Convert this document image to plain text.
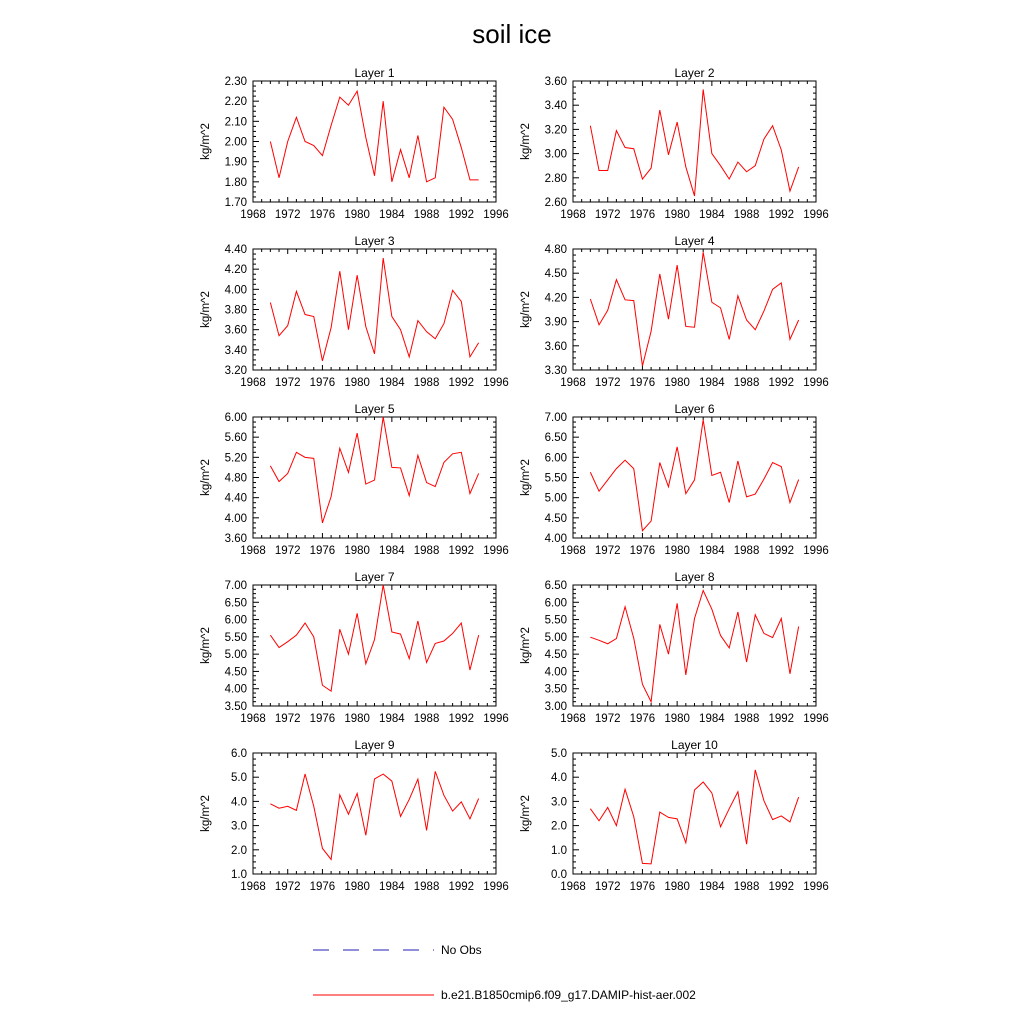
soil ice
Layer 1
1968 1972 1976 1980 1984 1988 1992 1996
1.70
1.80
1.90
2.00
2.10
2.20
2.30
kg/m^2
Layer 2
1968 1972 1976 1980 1984 1988 1992 1996
2.60
2.80
3.00
3.20
3.40
3.60
kg/m^2
Layer 3
1968 1972 1976 1980 1984 1988 1992 1996
3.20
3.40
3.60
3.80
4.00
4.20
4.40
kg/m^2
Layer 4
1968 1972 1976 1980 1984 1988 1992 1996
3.30
3.60
3.90
4.20
4.50
4.80
kg/m^2
Layer 5
1968 1972 1976 1980 1984 1988 1992 1996
3.60
4.00
4.40
4.80
5.20
5.60
6.00
kg/m^2
Layer 6
1968 1972 1976 1980 1984 1988 1992 1996
4.00
4.50
5.00
5.50
6.00
6.50
7.00
kg/m^2
Layer 7
1968 1972 1976 1980 1984 1988 1992 1996
3.50
4.00
4.50
5.00
5.50
6.00
6.50
7.00
kg/m^2
Layer 8
1968 1972 1976 1980 1984 1988 1992 1996
3.00
3.50
4.00
4.50
5.00
5.50
6.00
6.50
kg/m^2
Layer 9
1968 1972 1976 1980 1984 1988 1992 1996
1.0
2.0
3.0
4.0
5.0
6.0
kg/m^2
Layer 10
1968 1972 1976 1980 1984 1988 1992 1996
0.0
1.0
2.0
3.0
4.0
5.0
kg/m^2
No Obs
b.e21.B1850cmip6.f09_g17.DAMIP-hist-aer.002
